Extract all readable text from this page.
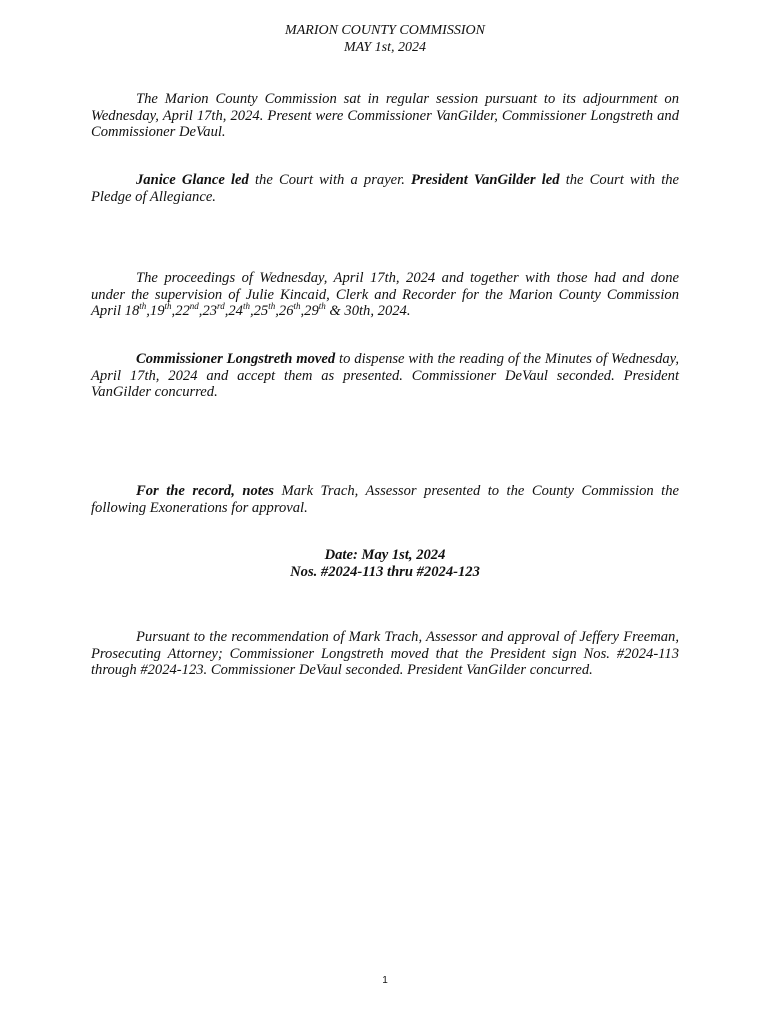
MARION COUNTY COMMISSION
MAY 1st, 2024
The Marion County Commission sat in regular session pursuant to its adjournment on Wednesday, April 17th, 2024. Present were Commissioner VanGilder, Commissioner Longstreth and Commissioner DeVaul.
Janice Glance led the Court with a prayer. President VanGilder led the Court with the Pledge of Allegiance.
The proceedings of Wednesday, April 17th, 2024 and together with those had and done under the supervision of Julie Kincaid, Clerk and Recorder for the Marion County Commission April 18th,19th,22nd,23rd,24th,25th,26th,29th & 30th, 2024.
Commissioner Longstreth moved to dispense with the reading of the Minutes of Wednesday, April 17th, 2024 and accept them as presented. Commissioner DeVaul seconded. President VanGilder concurred.
For the record, notes Mark Trach, Assessor presented to the County Commission the following Exonerations for approval.
Date: May 1st, 2024
Nos. #2024-113 thru #2024-123
Pursuant to the recommendation of Mark Trach, Assessor and approval of Jeffery Freeman, Prosecuting Attorney; Commissioner Longstreth moved that the President sign Nos. #2024-113 through #2024-123. Commissioner DeVaul seconded. President VanGilder concurred.
1
